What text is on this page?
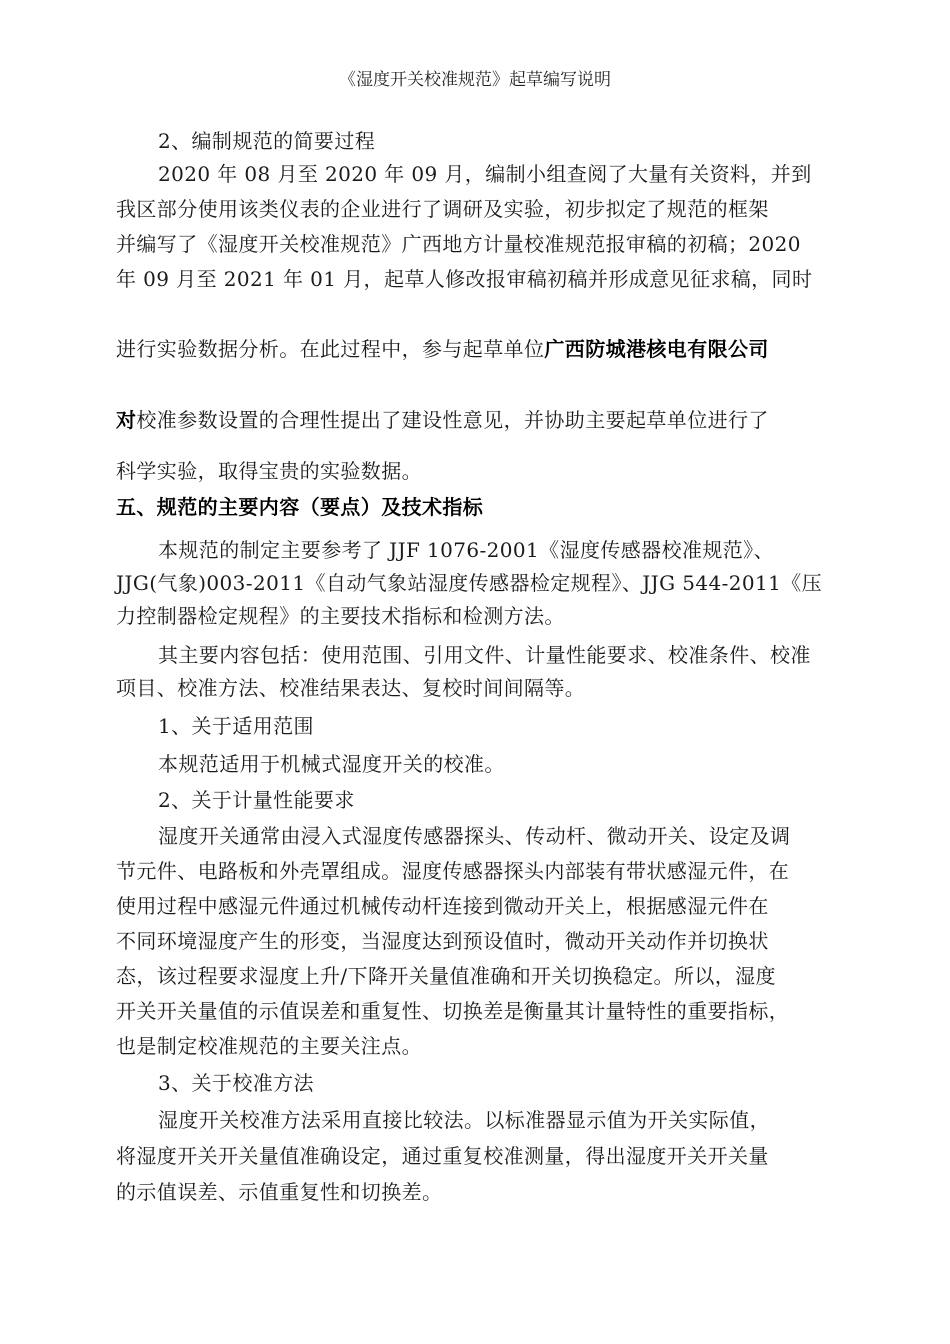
《湿度开关校准规范》起草编写说明
2、编制规范的简要过程
2020 年 08 月至 2020 年 09 月，编制小组查阅了大量有关资料，并到
我区部分使用该类仪表的企业进行了调研及实验，初步拟定了规范的框架
并编写了《湿度开关校准规范》广西地方计量校准规范报审稿的初稿；2020
年 09 月至 2021 年 01 月，起草人修改报审稿初稿并形成意见征求稿，同时
进行实验数据分析。在此过程中，参与起草单位广西防城港核电有限公司
对校准参数设置的合理性提出了建设性意见，并协助主要起草单位进行了
科学实验，取得宝贵的实验数据。
五、规范的主要内容（要点）及技术指标
本规范的制定主要参考了 JJF 1076-2001《湿度传感器校准规范》、
JJG(气象)003-2011《自动气象站湿度传感器检定规程》、JJG 544-2011《压
力控制器检定规程》的主要技术指标和检测方法。
其主要内容包括：使用范围、引用文件、计量性能要求、校准条件、校准
项目、校准方法、校准结果表达、复校时间间隔等。
1、关于适用范围
本规范适用于机械式湿度开关的校准。
2、关于计量性能要求
湿度开关通常由浸入式湿度传感器探头、传动杆、微动开关、设定及调
节元件、电路板和外壳罩组成。湿度传感器探头内部装有带状感湿元件，在
使用过程中感湿元件通过机械传动杆连接到微动开关上，根据感湿元件在
不同环境湿度产生的形变，当湿度达到预设值时，微动开关动作并切换状
态，该过程要求湿度上升/下降开关量值准确和开关切换稳定。所以，湿度
开关开关量值的示值误差和重复性、切换差是衡量其计量特性的重要指标，
也是制定校准规范的主要关注点。
3、关于校准方法
湿度开关校准方法采用直接比较法。以标准器显示值为开关实际值，
将湿度开关开关量值准确设定，通过重复校准测量，得出湿度开关开关量
的示值误差、示值重复性和切换差。
